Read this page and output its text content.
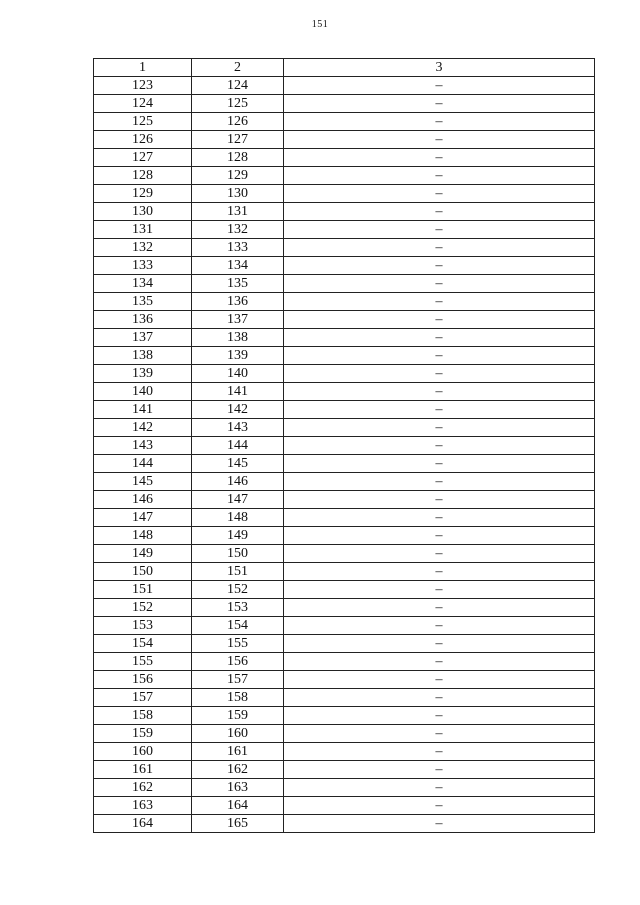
151
1	2	3
123	124	–
124	125	–
125	126	–
126	127	–
127	128	–
128	129	–
129	130	–
130	131	–
131	132	–
132	133	–
133	134	–
134	135	–
135	136	–
136	137	–
137	138	–
138	139	–
139	140	–
140	141	–
141	142	–
142	143	–
143	144	–
144	145	–
145	146	–
146	147	–
147	148	–
148	149	–
149	150	–
150	151	–
151	152	–
152	153	–
153	154	–
154	155	–
155	156	–
156	157	–
157	158	–
158	159	–
159	160	–
160	161	–
161	162	–
162	163	–
163	164	–
164	165	–
